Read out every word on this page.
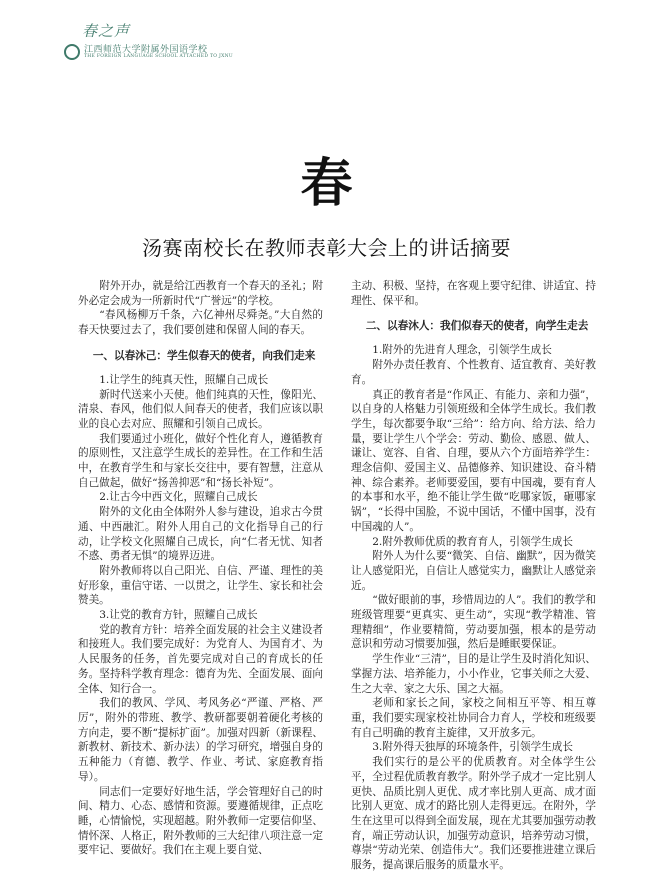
春之声
江西师范大学附属外国语学校
THE FOREIGN LANGUAGE SCHOOL ATTACHED TO JXNU
春
汤赛南校长在教师表彰大会上的讲话摘要

附外开办，就是给江西教育一个春天的圣礼；附外必定会成为一所新时代“广誉远”的学校。

“春风杨柳万千条，六亿神州尽舜尧。”大自然的春天快要过去了，我们要创建和保留人间的春天。

一、以春沐己：学生似春天的使者，向我们走来

1.让学生的纯真天性，照耀自己成长

新时代送来小天使。他们纯真的天性，像阳光、清泉、春风，他们似人间春天的使者，我们应该以职业的良心去对应、照耀和引领自己成长。

我们要通过小班化，做好个性化育人，遵循教育的原则性，又注意学生成长的差异性。在工作和生活中，在教育学生和与家长交往中，要有智慧，注意从自己做起，做好“扬善抑恶”和“扬长补短”。

2.让古今中西文化，照耀自己成长

附外的文化由全体附外人参与建设，追求古今贯通、中西融汇。附外人用自己的文化指导自己的行动，让学校文化照耀自己成长，向“仁者无忧、知者不惑、勇者无惧”的境界迈进。

附外教师将以自己阳光、自信、严谨、理性的美好形象，重信守诺、一以贯之，让学生、家长和社会赞美。

3.让党的教育方针，照耀自己成长

党的教育方针：培养全面发展的社会主义建设者和接班人。我们要完成好：为党育人、为国育才、为人民服务的任务，首先要完成对自己的育成长的任务。坚持科学教育理念：德育为先、全面发展、面向全体、知行合一。

我们的教风、学风、考风务必“严谨、严格、严厉”，附外的带班、教学、教研都要朝着硬化考核的方向走，要不断“提标扩面”。加强对四新（新课程、新教材、新技术、新办法）的学习研究，增强自身的五种能力（育德、教学、作业、考试、家庭教育指导）。

同志们一定要好好地生活，学会管理好自己的时间、精力、心态、感情和资源。要遵循规律，正点吃睡，心情愉悦，实现超越。附外教师一定要信仰坚、情怀深、人格正，附外教师的三大纪律八项注意一定要牢记、要做好。我们在主观上要自觉、

主动、积极、坚持，在客观上要守纪律、讲适宜、持理性、保平和。

二、以春沐人：我们似春天的使者，向学生走去

1.附外的先进育人理念，引领学生成长

附外办责任教育、个性教育、适宜教育、美好教育。

真正的教育者是“作风正、有能力、亲和力强”，以自身的人格魅力引领班级和全体学生成长。我们教学生，每次都要争取“三给”：给方向、给方法、给力量，要让学生八个学会：劳动、勤俭、感恩、做人、谦让、宽容、自省、自理，要从六个方面培养学生：理念信仰、爱国主义、品德修养、知识建设、奋斗精神、综合素养。老师要爱国，要有中国魂，要有育人的本事和水平，绝不能让学生做“吃哪家饭，砸哪家锅”，“长得中国脸，不说中国话，不懂中国事，没有中国魂的人”。

2.附外教师优质的教育育人，引领学生成长

附外人为什么要“微笑、自信、幽默”，因为微笑让人感觉阳光，自信让人感觉实力，幽默让人感觉亲近。

“做好眼前的事，珍惜周边的人”。我们的教学和班级管理要“更真实、更生动”，实现“教学精准、管理精细”，作业要精简，劳动要加强，根本的是劳动意识和劳动习惯要加强，然后是睡眠要保证。

学生作业“三清”，目的是让学生及时消化知识、掌握方法、培养能力，小小作业，它事关师之大爱、生之大幸、家之大乐、国之大福。

老师和家长之间，家校之间相互平等、相互尊重，我们要实现家校社协同合力育人，学校和班级要有自己明确的教育主旋律，又开放多元。

3.附外得天独厚的环境条件，引领学生成长

我们实行的是公平的优质教育。对全体学生公平，全过程优质教育教学。附外学子成才一定比别人更快、品质比别人更优、成才率比别人更高、成才面比别人更宽、成才的路比别人走得更远。在附外，学生在这里可以得到全面发展，现在尤其要加强劳动教育，端正劳动认识，加强劳动意识，培养劳动习惯，尊崇“劳动光荣、创造伟大”。我们还要推进建立课后服务，提高课后服务的质量水平。
